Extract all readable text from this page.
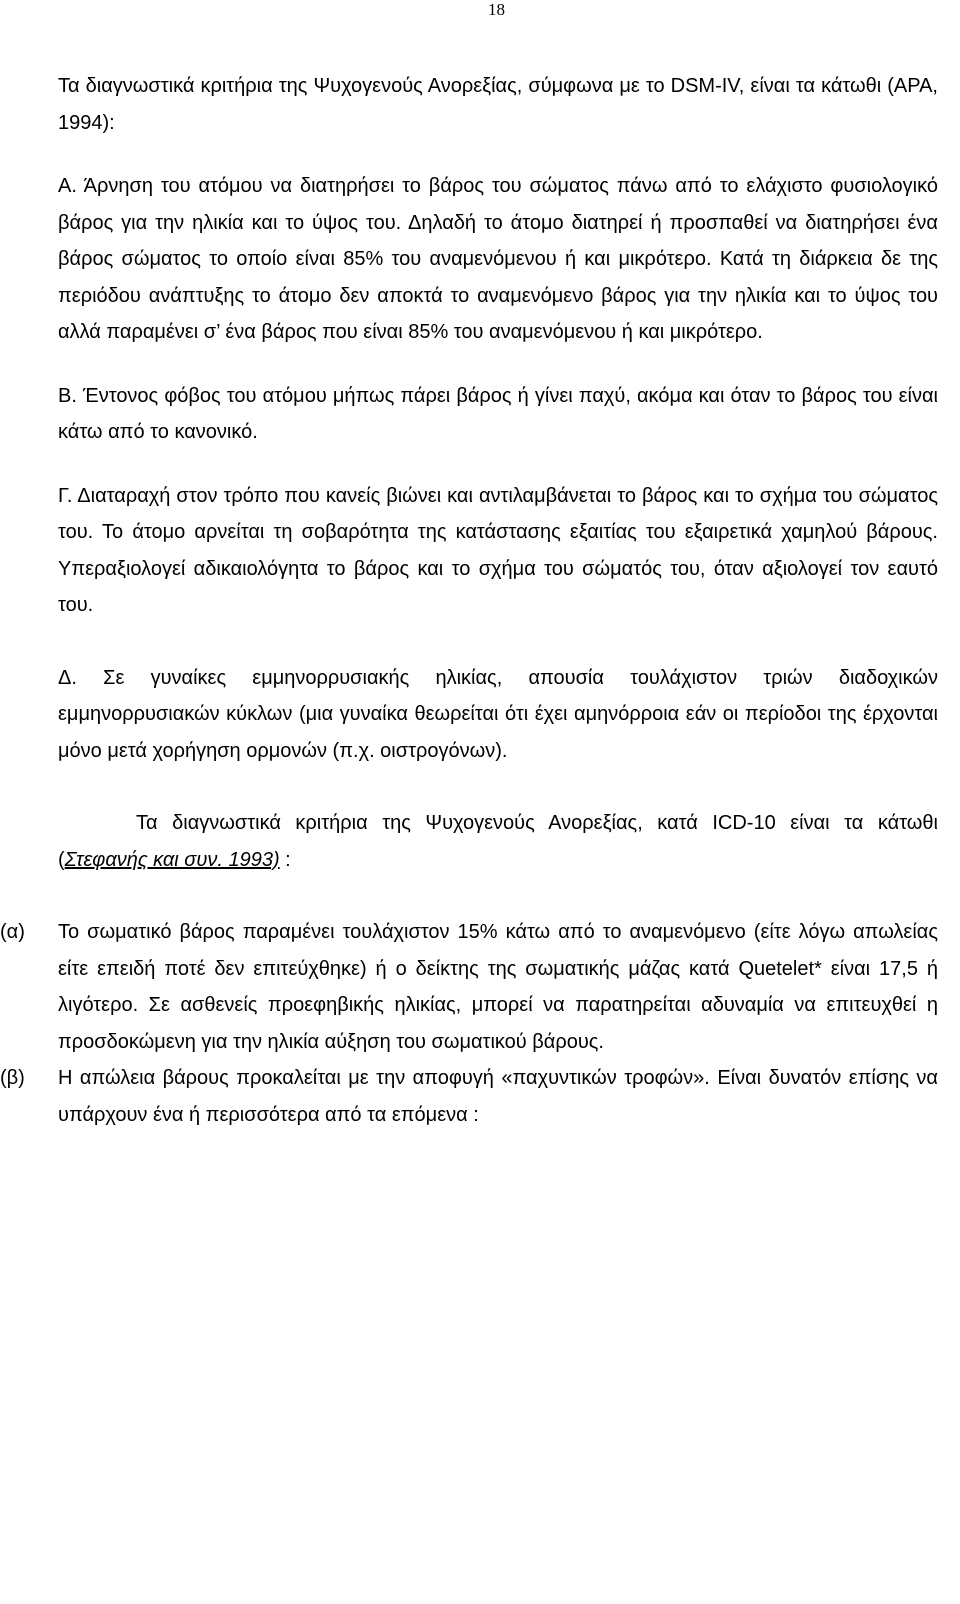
18

Τα διαγνωστικά κριτήρια της Ψυχογενούς Ανορεξίας, σύμφωνα με το DSM-IV, είναι τα κάτωθι (APA, 1994):

Α. Άρνηση του ατόμου να διατηρήσει το βάρος του σώματος πάνω από το ελάχιστο φυσιολογικό βάρος για την ηλικία και το ύψος του. Δηλαδή το άτομο διατηρεί ή προσπαθεί να διατηρήσει ένα βάρος σώματος το οποίο είναι 85% του αναμενόμενου ή και μικρότερο. Κατά τη διάρκεια δε της περιόδου ανάπτυξης το άτομο δεν αποκτά το αναμενόμενο βάρος για την ηλικία και το ύψος του αλλά παραμένει σ’ ένα βάρος που είναι 85% του αναμενόμενου ή και μικρότερο.

Β. Έντονος φόβος του ατόμου μήπως πάρει βάρος ή γίνει παχύ, ακόμα και όταν το βάρος του είναι κάτω από το κανονικό.

Γ. Διαταραχή στον τρόπο που κανείς βιώνει και αντιλαμβάνεται το βάρος και το σχήμα του σώματος του. Το άτομο αρνείται τη σοβαρότητα της κατάστασης εξαιτίας του εξαιρετικά χαμηλού βάρους. Υπεραξιολογεί αδικαιολόγητα το βάρος και το σχήμα του σώματός του, όταν αξιολογεί τον εαυτό του.

Δ. Σε γυναίκες εμμηνορρυσιακής ηλικίας, απουσία τουλάχιστον τριών διαδοχικών εμμηνορρυσιακών κύκλων (μια γυναίκα θεωρείται ότι έχει αμηνόρροια εάν οι περίοδοι της έρχονται μόνο μετά χορήγηση ορμονών (π.χ. οιστρογόνων).

Τα διαγνωστικά κριτήρια της Ψυχογενούς Ανορεξίας, κατά ICD-10 είναι τα κάτωθι (Στεφανής και συν. 1993) :

(α) Το σωματικό βάρος παραμένει τουλάχιστον 15% κάτω από το αναμενόμενο (είτε λόγω απωλείας είτε επειδή ποτέ δεν επιτεύχθηκε) ή ο δείκτης της σωματικής μάζας κατά Quetelet* είναι 17,5 ή λιγότερο. Σε ασθενείς προεφηβικής ηλικίας, μπορεί να παρατηρείται αδυναμία να επιτευχθεί η προσδοκώμενη για την ηλικία αύξηση του σωματικού βάρους.

(β) Η απώλεια βάρους προκαλείται με την αποφυγή «παχυντικών τροφών». Είναι δυνατόν επίσης να υπάρχουν ένα ή περισσότερα από τα επόμενα :
